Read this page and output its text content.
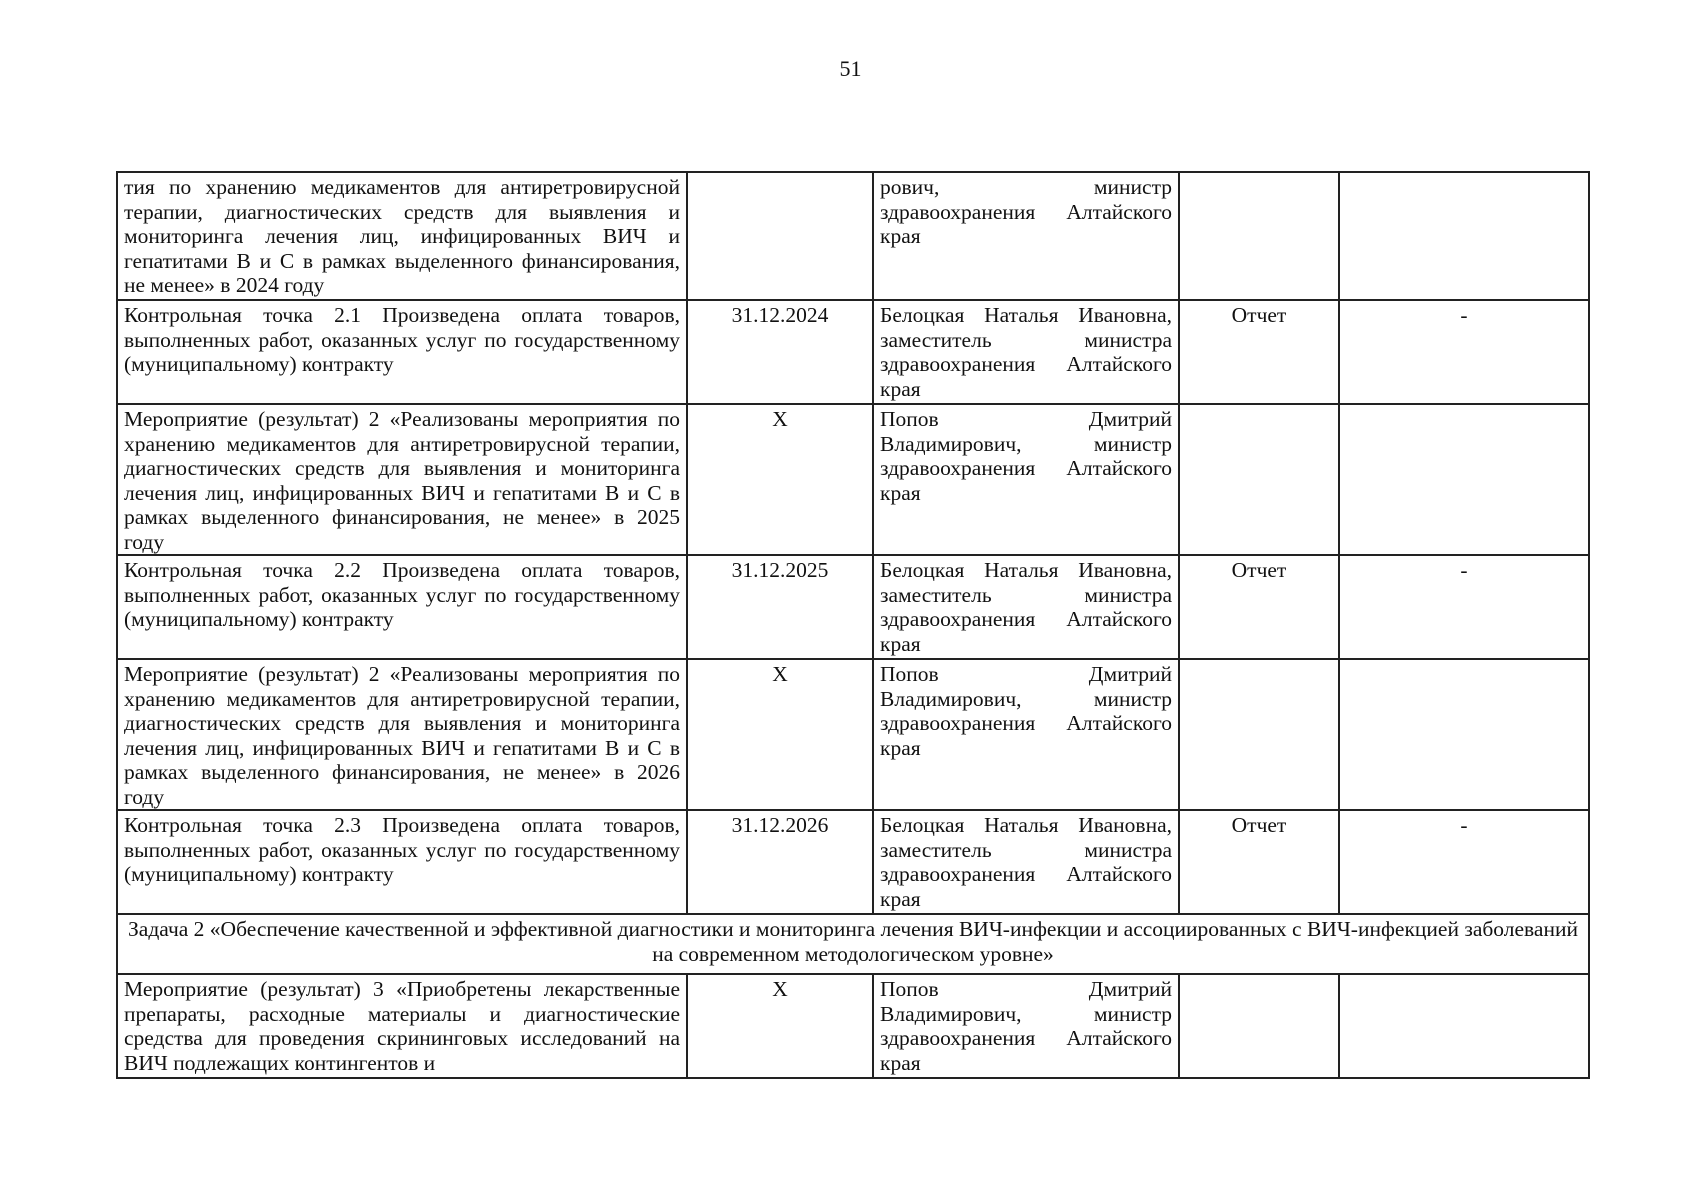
51
тия по хранению медикаментов для антиретровирусной терапии, диагностических средств для выявления и мониторинга лечения лиц, инфицированных ВИЧ и гепатитами В и С в рамках выделенного финансирования, не менее» в 2024 году		рович, министр здравоохранения Алтайского края		
Контрольная точка 2.1 Произведена оплата товаров, выполненных работ, оказанных услуг по государственному (муниципальному) контракту	31.12.2024	Белоцкая Наталья Ивановна, заместитель министра здравоохранения Алтайского края	Отчет	-
Мероприятие (результат) 2 «Реализованы мероприятия по хранению медикаментов для антиретровирусной терапии, диагностических средств для выявления и мониторинга лечения лиц, инфицированных ВИЧ и гепатитами В и С в рамках выделенного финансирования, не менее» в 2025 году	X	Попов Дмитрий Владимирович, министр здравоохранения Алтайского края		
Контрольная точка 2.2 Произведена оплата товаров, выполненных работ, оказанных услуг по государственному (муниципальному) контракту	31.12.2025	Белоцкая Наталья Ивановна, заместитель министра здравоохранения Алтайского края	Отчет	-
Мероприятие (результат) 2 «Реализованы мероприятия по хранению медикаментов для антиретровирусной терапии, диагностических средств для выявления и мониторинга лечения лиц, инфицированных ВИЧ и гепатитами В и С в рамках выделенного финансирования, не менее» в 2026 году	X	Попов Дмитрий Владимирович, министр здравоохранения Алтайского края		
Контрольная точка 2.3 Произведена оплата товаров, выполненных работ, оказанных услуг по государственному (муниципальному) контракту	31.12.2026	Белоцкая Наталья Ивановна, заместитель министра здравоохранения Алтайского края	Отчет	-
Задача 2 «Обеспечение качественной и эффективной диагностики и мониторинга лечения ВИЧ-инфекции и ассоциированных с ВИЧ-инфекцией заболеваний на современном методологическом уровне»				
Мероприятие (результат) 3 «Приобретены лекарственные препараты, расходные материалы и диагностические средства для проведения скрининговых исследований на ВИЧ подлежащих контингентов и	X	Попов Дмитрий Владимирович, министр здравоохранения Алтайского края		
